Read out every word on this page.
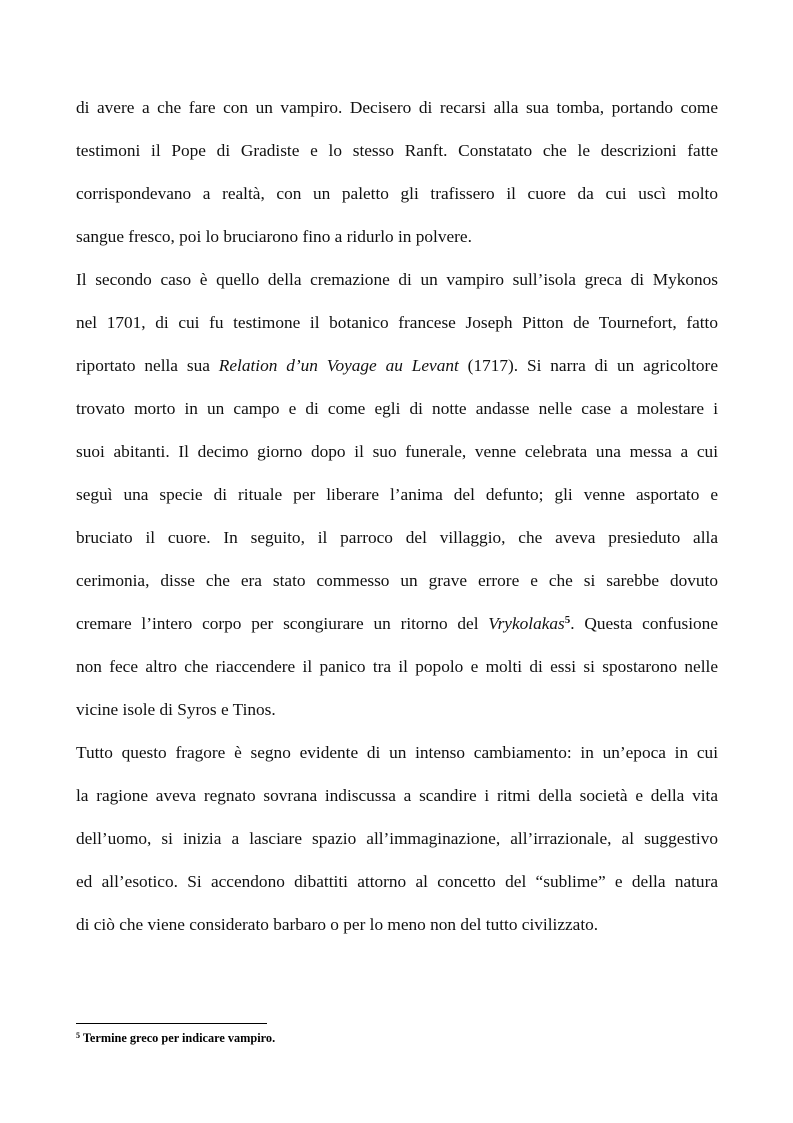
di avere a che fare con un vampiro. Decisero di recarsi alla sua tomba, portando come
testimoni il Pope di Gradiste e lo stesso Ranft. Constatato che le descrizioni fatte
corrispondevano a realtà, con un paletto gli trafissero il cuore da cui uscì molto
sangue fresco, poi lo bruciarono fino a ridurlo in polvere.
Il secondo caso è quello della cremazione di un vampiro sull’isola greca di Mykonos
nel 1701, di cui fu testimone il botanico francese Joseph Pitton de Tournefort, fatto
riportato nella sua Relation d’un Voyage au Levant (1717). Si narra di un agricoltore
trovato morto in un campo e di come egli di notte andasse nelle case a molestare i
suoi abitanti. Il decimo giorno dopo il suo funerale, venne celebrata una messa a cui
seguì una specie di rituale per liberare l’anima del defunto; gli venne asportato e
bruciato il cuore. In seguito, il parroco del villaggio, che aveva presieduto alla
cerimonia, disse che era stato commesso un grave errore e che si sarebbe dovuto
cremare l’intero corpo per scongiurare un ritorno del Vrykolakas$^5$. Questa confusione
non fece altro che riaccendere il panico tra il popolo e molti di essi si spostarono nelle
vicine isole di Syros e Tinos.
Tutto questo fragore è segno evidente di un intenso cambiamento: in un’epoca in cui
la ragione aveva regnato sovrana indiscussa a scandire i ritmi della società e della vita
dell’uomo, si inizia a lasciare spazio all’immaginazione, all’irrazionale, al suggestivo
ed all’esotico. Si accendono dibattiti attorno al concetto del “sublime” e della natura
di ciò che viene considerato barbaro o per lo meno non del tutto civilizzato.
$^5$ Termine greco per indicare vampiro.
